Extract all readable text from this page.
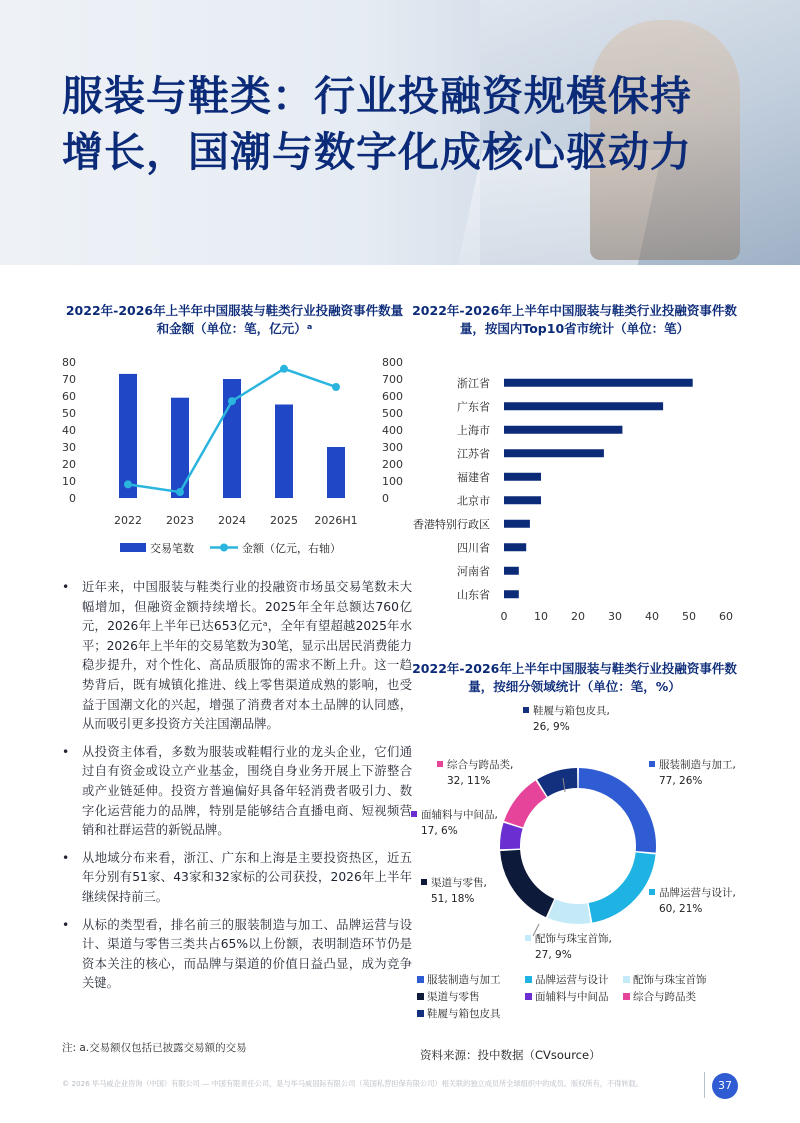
服装与鞋类：行业投融资规模保持
增长，国潮与数字化成核心驱动力
2022年-2026年上半年中国服装与鞋类行业投融资事件数量和金额（单位：笔，亿元）ᵃ
0
10
20
30
40
50
60
70
80
0
100
200
300
400
500
600
700
800
2022 2023 2024 2025 2026H1
交易笔数	金额（亿元，右轴）
2022年-2026年上半年中国服装与鞋类行业投融资事件数量，按国内Top10省市统计（单位：笔）
浙江省
广东省
上海市
江苏省
福建省
北京市
香港特别行政区
四川省
河南省
山东省
0 10 20 30 40 50 60
2022年-2026年上半年中国服装与鞋类行业投融资事件数量，按细分领域统计（单位：笔，%）
服装制造与加工,
77, 26%
品牌运营与设计,
60, 21%
配饰与珠宝首饰,
27, 9%
渠道与零售,
51, 18%
面辅料与中间品,
17, 6%
综合与跨品类,
32, 11%
鞋履与箱包皮具,
26, 9%
服装制造与加工	品牌运营与设计 配饰与珠宝首饰
渠道与零售	面辅料与中间品 综合与跨品类
鞋履与箱包皮具
• 近年来，中国服装与鞋类行业的投融资市场虽交易笔数未大幅增加，但融资金额持续增长。2025年全年总额达760亿元，2026年上半年已达653亿元ᵃ，全年有望超越2025年水平；2026年上半年的交易笔数为30笔，显示出居民消费能力稳步提升，对个性化、高品质服饰的需求不断上升。这一趋势背后，既有城镇化推进、线上零售渠道成熟的影响，也受益于国潮文化的兴起，增强了消费者对本土品牌的认同感，从而吸引更多投资方关注国潮品牌。
• 从投资主体看，多数为服装或鞋帽行业的龙头企业，它们通过自有资金或设立产业基金，围绕自身业务开展上下游整合或产业链延伸。投资方普遍偏好具备年轻消费者吸引力、数字化运营能力的品牌，特别是能够结合直播电商、短视频营销和社群运营的新锐品牌。
• 从地域分布来看，浙江、广东和上海是主要投资热区，近五年分别有51家、43家和32家标的公司获投，2026年上半年继续保持前三。
• 从标的类型看，排名前三的服装制造与加工、品牌运营与设计、渠道与零售三类共占65%以上份额，表明制造环节仍是资本关注的核心，而品牌与渠道的价值日益凸显，成为竞争关键。
注: a.交易额仅包括已披露交易额的交易	资料来源：投中数据（CVsource）
© 2026 毕马威企业咨询（中国）有限公司 — 中国有限责任公司，是与毕马威国际有限公司（英国私营担保有限公司）相关联的独立成员所全球组织中的成员。版权所有，不得转载。	37
